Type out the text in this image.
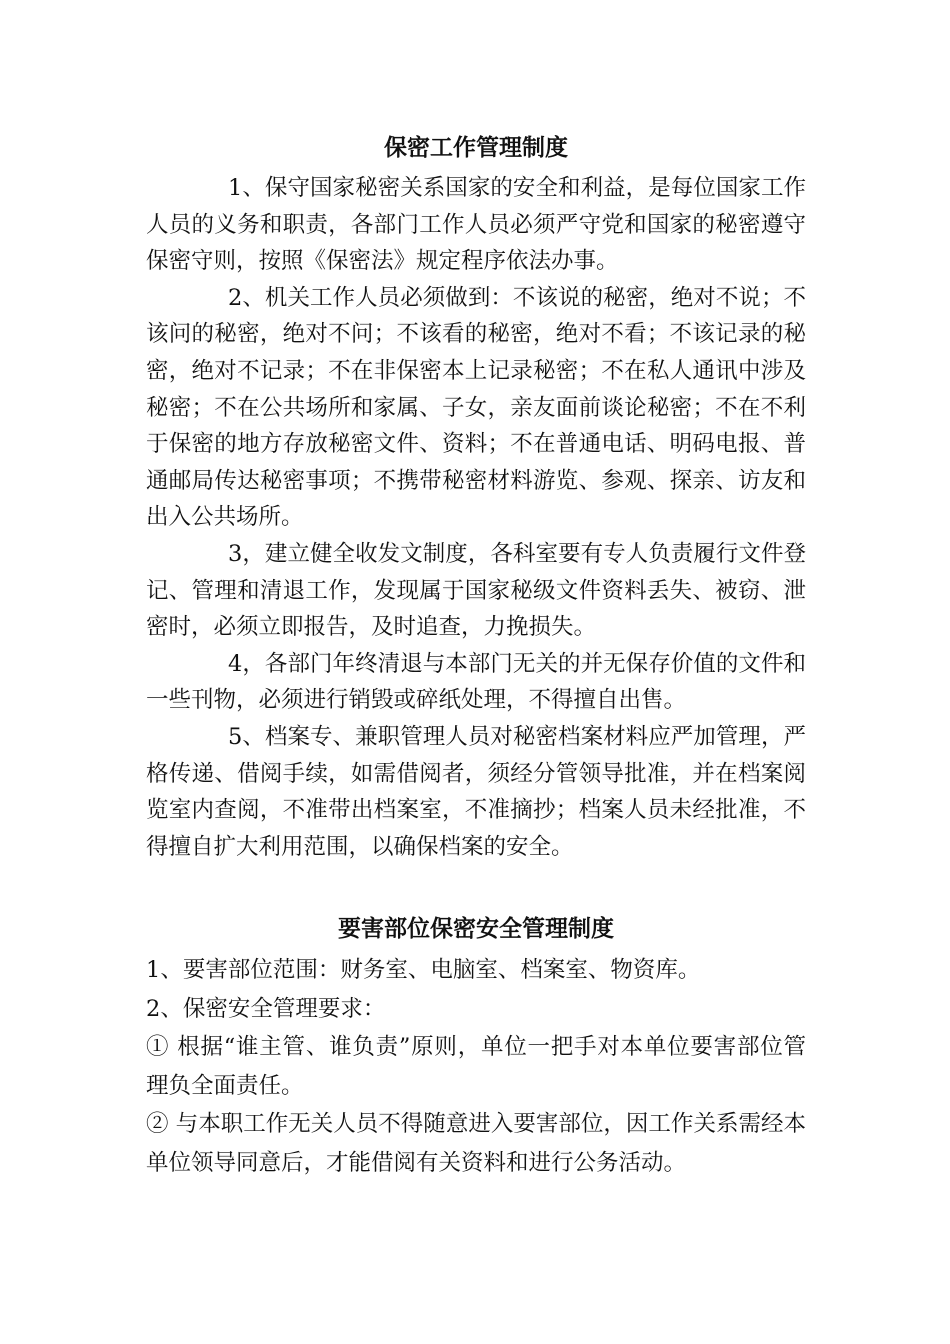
保密工作管理制度

1、保守国家秘密关系国家的安全和利益，是每位国家工作人员的义务和职责，各部门工作人员必须严守党和国家的秘密遵守保密守则，按照《保密法》规定程序依法办事。

2、机关工作人员必须做到：不该说的秘密，绝对不说；不该问的秘密，绝对不问；不该看的秘密，绝对不看；不该记录的秘密，绝对不记录；不在非保密本上记录秘密；不在私人通讯中涉及秘密；不在公共场所和家属、子女，亲友面前谈论秘密；不在不利于保密的地方存放秘密文件、资料；不在普通电话、明码电报、普通邮局传达秘密事项；不携带秘密材料游览、参观、探亲、访友和出入公共场所。

3，建立健全收发文制度，各科室要有专人负责履行文件登记、管理和清退工作，发现属于国家秘级文件资料丢失、被窃、泄密时，必须立即报告，及时追查，力挽损失。

4，各部门年终清退与本部门无关的并无保存价值的文件和一些刊物，必须进行销毁或碎纸处理，不得擅自出售。

5、档案专、兼职管理人员对秘密档案材料应严加管理，严格传递、借阅手续，如需借阅者，须经分管领导批准，并在档案阅览室内查阅，不准带出档案室，不准摘抄；档案人员未经批准，不得擅自扩大利用范围，以确保档案的安全。

要害部位保密安全管理制度

1、要害部位范围：财务室、电脑室、档案室、物资库。

2、保密安全管理要求：

① 根据“谁主管、谁负责”原则，单位一把手对本单位要害部位管理负全面责任。

② 与本职工作无关人员不得随意进入要害部位，因工作关系需经本单位领导同意后，才能借阅有关资料和进行公务活动。
